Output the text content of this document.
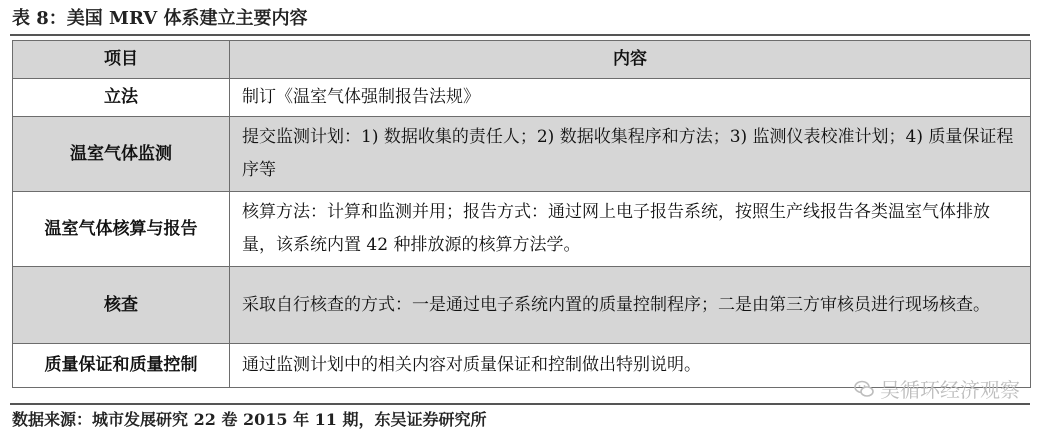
表 8：美国 MRV 体系建立主要内容
项目	内容
立法	制订《温室气体强制报告法规》
温室气体监测	提交监测计划：1) 数据收集的责任人；2) 数据收集程序和方法；3) 监测仪表校准计划；4) 质量保证程序等
温室气体核算与报告	核算方法：计算和监测并用；报告方式：通过网上电子报告系统，按照生产线报告各类温室气体排放量，该系统内置 42 种排放源的核算方法学。
核查	采取自行核查的方式：一是通过电子系统内置的质量控制程序；二是由第三方审核员进行现场核查。
质量保证和质量控制	通过监测计划中的相关内容对质量保证和控制做出特别说明。
吴循环经济观察
数据来源：城市发展研究 22 卷 2015 年 11 期，东吴证券研究所
